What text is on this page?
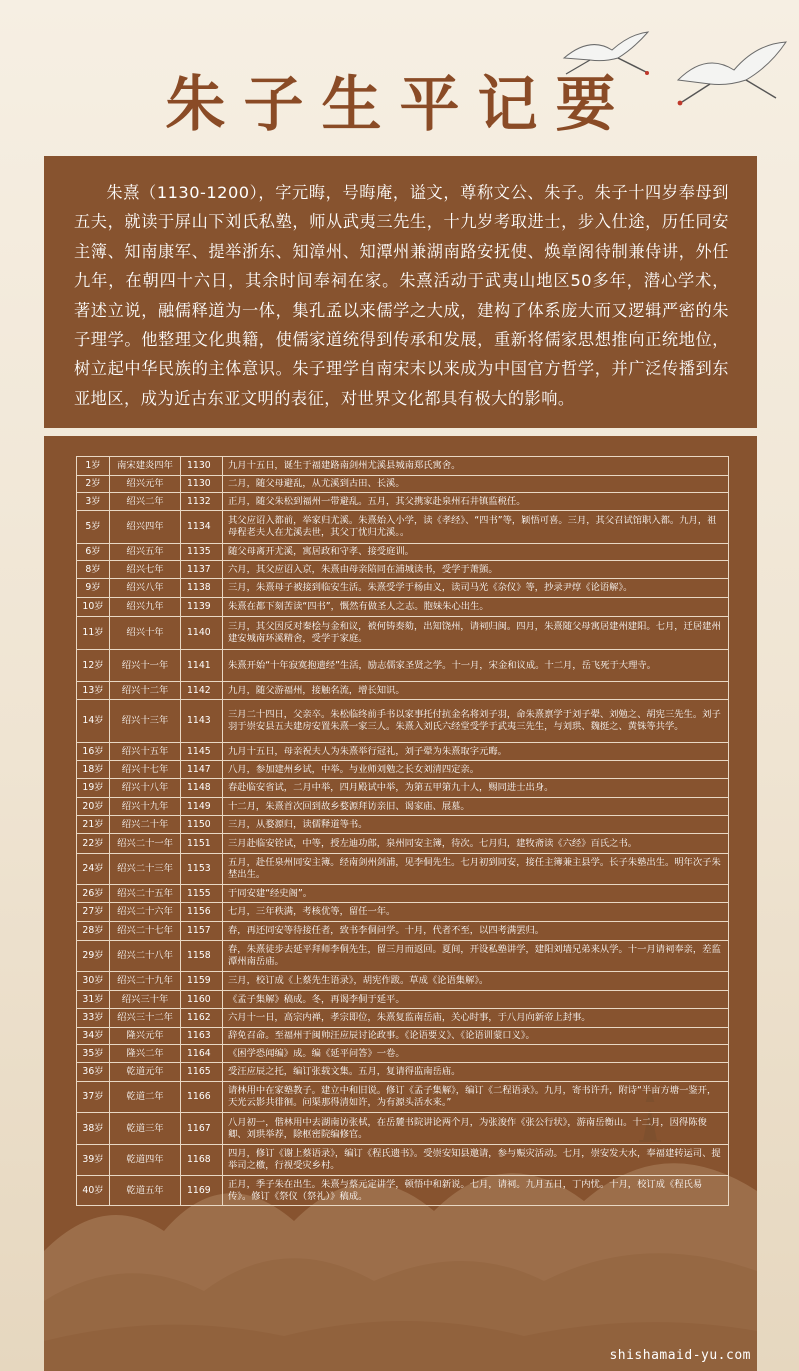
朱子生平记要
朱熹（1130-1200），字元晦，号晦庵，谥文，尊称文公、朱子。朱子十四岁奉母到五夫，就读于屏山下刘氏私塾，师从武夷三先生，十九岁考取进士，步入仕途，历任同安主簿、知南康军、提举浙东、知漳州、知潭州兼湖南路安抚使、焕章阁待制兼侍讲，外任九年，在朝四十六日，其余时间奉祠在家。朱熹活动于武夷山地区50多年，潜心学术，著述立说，融儒释道为一体，集孔孟以来儒学之大成，建构了体系庞大而又逻辑严密的朱子理学。他整理文化典籍，使儒家道统得到传承和发展，重新将儒家思想推向正统地位，树立起中华民族的主体意识。朱子理学自南宋末以来成为中国官方哲学，并广泛传播到东亚地区，成为近古东亚文明的表征，对世界文化都具有极大的影响。
1岁	南宋建炎四年	1130	九月十五日，诞生于福建路南剑州尤溪县城南郑氏寓舍。
2岁	绍兴元年	1130	二月，随父母避乱，从尤溪到古田、长溪。
3岁	绍兴二年	1132	正月，随父朱松到福州一带避乱。五月，其父携家赴泉州石井镇监税任。
5岁	绍兴四年	1134	其父应诏入都前，举家归尤溪。朱熹始入小学，读《孝经》、“四书”等，颖悟可喜。三月，其父召试馆职入都。九月，祖母程老夫人在尤溪去世，其父丁忧归尤溪。。
6岁	绍兴五年	1135	随父母离开尤溪，寓居政和守孝、接受庭训。
8岁	绍兴七年	1137	六月，其父应诏入京，朱熹由母亲陪同在浦城读书，受学于萧顗。
9岁	绍兴八年	1138	三月，朱熹母子被接到临安生活。朱熹受学于杨由义，读司马光《杂仪》等，抄录尹焞《论语解》。
10岁	绍兴九年	1139	朱熹在都下刻苦读“四书”，慨然有做圣人之志。胞妹朱心出生。
11岁	绍兴十年	1140	三月，其父因反对秦桧与金和议，被何铸奏劾，出知饶州，请祠归闽。四月，朱熹随父母寓居建州建阳。七月，迁居建州建安城南环溪精舍，受学于家庭。
12岁	绍兴十一年	1141	朱熹开始“十年寂寞抱遗经”生活，励志儒家圣贤之学。十一月，宋金和议成。十二月，岳飞死于大理寺。
13岁	绍兴十二年	1142	九月，随父游福州，接触名流，增长知识。
14岁	绍兴十三年	1143	三月二十四日，父亲卒。朱松临终前手书以家事托付抗金名将刘子羽，命朱熹禀学于刘子翚、刘勉之、胡宪三先生。刘子羽于崇安县五夫建房安置朱熹一家三人。朱熹入刘氏六经堂受学于武夷三先生，与刘珙、魏挺之、黄铢等共学。
16岁	绍兴十五年	1145	九月十五日，母亲祝夫人为朱熹举行冠礼，刘子翚为朱熹取字元晦。
18岁	绍兴十七年	1147	八月，参加建州乡试，中举。与业师刘勉之长女刘清四定亲。
19岁	绍兴十八年	1148	春赴临安省试，二月中举，四月殿试中举，为第五甲第九十人，赐同进士出身。
20岁	绍兴十九年	1149	十二月，朱熹首次回到故乡婺源拜访亲旧、谒家庙、展墓。
21岁	绍兴二十年	1150	三月，从婺源归，读儒释道等书。
22岁	绍兴二十一年	1151	三月赴临安铨试，中等，授左迪功郎，泉州同安主簿，待次。七月归，建牧斋读《六经》百氏之书。
24岁	绍兴二十三年	1153	五月，赴任泉州同安主簿。经南剑州剑浦，见李侗先生。七月初到同安，接任主簿兼主县学。长子朱塾出生。明年次子朱埜出生。
26岁	绍兴二十五年	1155	于同安建“经史阁”。
27岁	绍兴二十六年	1156	七月，三年秩满，考核优等，留任一年。
28岁	绍兴二十七年	1157	春，再还同安等待接任者，致书李侗问学。十月，代者不至，以四考满罢归。
29岁	绍兴二十八年	1158	春，朱熹徒步去延平拜师李侗先生，留三月而返回。夏间，开设私塾讲学，建阳刘墙兄弟来从学。十一月请祠奉亲，差监潭州南岳庙。
30岁	绍兴二十九年	1159	三月，校订成《上蔡先生语录》，胡宪作跋。草成《论语集解》。
31岁	绍兴三十年	1160	《孟子集解》稿成。冬，再谒李侗于延平。
33岁	绍兴三十二年	1162	六月十一日，高宗内禅，孝宗即位，朱熹复监南岳庙，关心时事，于八月向新帝上封事。
34岁	隆兴元年	1163	辞免召命。至福州于闽帅汪应辰讨论政事。《论语要义》、《论语训蒙口义》。
35岁	隆兴二年	1164	《困学恐闻编》成。编《延平问答》一卷。
36岁	乾道元年	1165	受汪应辰之托，编订张载文集。五月，复请得监南岳庙。
37岁	乾道二年	1166	请林用中在家塾教子。建立中和旧说。修订《孟子集解》，编订《二程语录》。九月，寄书许升，附诗“半亩方塘一鉴开，天光云影共徘徊。问渠那得清如许，为有源头活水来。”
38岁	乾道三年	1167	八月初一，偕林用中去湖南访张栻，在岳麓书院讲论两个月，为张浚作《张公行状》，游南岳衡山。十二月，因得陈俊卿、刘珙举荐，除枢密院编修官。
39岁	乾道四年	1168	四月，修订《谢上蔡语录》，编订《程氏遗书》。受崇安知县邀请，参与赈灾活动。七月，崇安发大水，奉福建转运司、提举司之檄，行视受灾乡村。
40岁	乾道五年	1169	正月，季子朱在出生。朱熹与蔡元定讲学，顿悟中和新说。七月，请祠。九月五日，丁内忧。十月，校订成《程氏易传》。修订《祭仪（祭礼）》稿成。
shishamaid-yu.com
